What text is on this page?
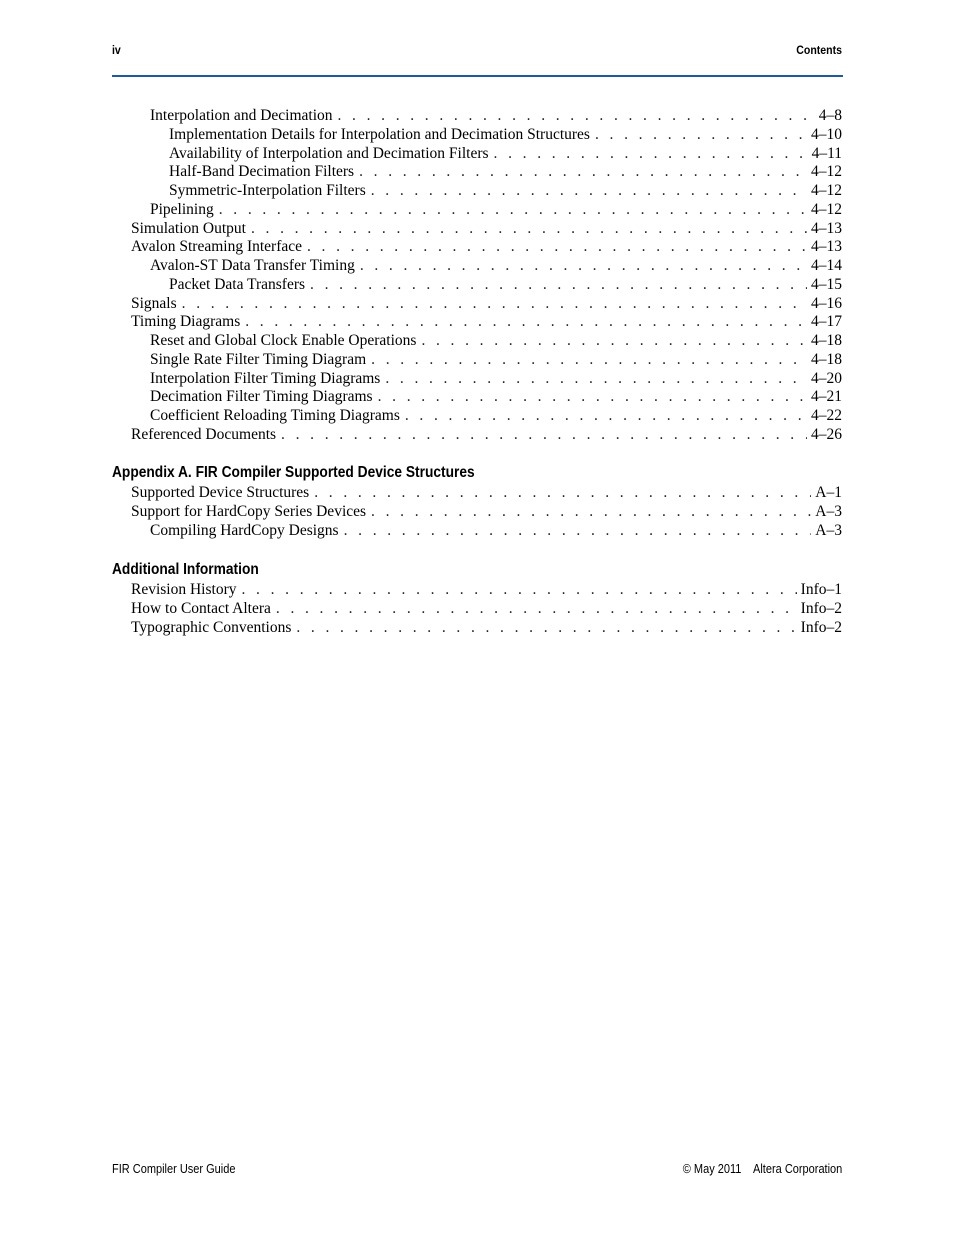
iv	Contents
Interpolation and Decimation . . .	4–8
Implementation Details for Interpolation and Decimation Structures . . .	4–10
Availability of Interpolation and Decimation Filters . . .	4–11
Half-Band Decimation Filters . . .	4–12
Symmetric-Interpolation Filters . . .	4–12
Pipelining . . .	4–12
Simulation Output . . .	4–13
Avalon Streaming Interface . . .	4–13
Avalon-ST Data Transfer Timing . . .	4–14
Packet Data Transfers . . .	4–15
Signals . . .	4–16
Timing Diagrams . . .	4–17
Reset and Global Clock Enable Operations . . .	4–18
Single Rate Filter Timing Diagram . . .	4–18
Interpolation Filter Timing Diagrams . . .	4–20
Decimation Filter Timing Diagrams . . .	4–21
Coefficient Reloading Timing Diagrams . . .	4–22
Referenced Documents . . .	4–26
Appendix A. FIR Compiler Supported Device Structures
Supported Device Structures . . .	A–1
Support for HardCopy Series Devices . . .	A–3
Compiling HardCopy Designs . . .	A–3
Additional Information
Revision History . . .	Info–1
How to Contact Altera . . .	Info–2
Typographic Conventions . . .	Info–2
FIR Compiler User Guide	© May 2011    Altera Corporation
